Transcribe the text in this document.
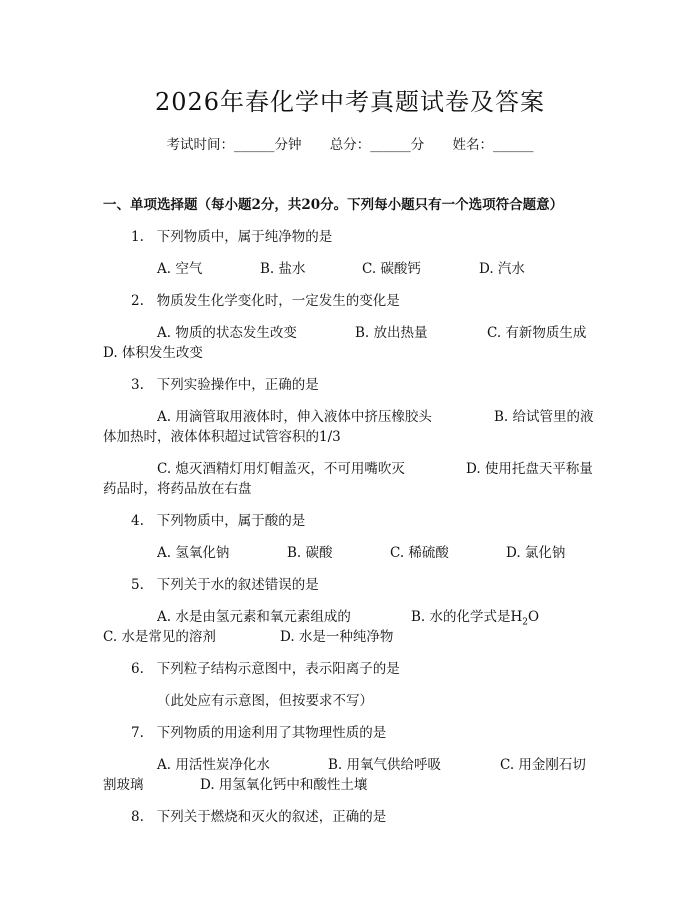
2026年春化学中考真题试卷及答案
考试时间：______分钟 总分：______分 姓名：______
一、单项选择题（每小题2分，共20分。下列每小题只有一个选项符合题意）
1.   下列物质中，属于纯净物的是
A. 空气	B. 盐水	C. 碳酸钙	D. 汽水
2.   物质发生化学变化时，一定发生的变化是
A. 物质的状态发生改变	B. 放出热量	C. 有新物质生成
D. 体积发生改变
3.   下列实验操作中，正确的是
A. 用滴管取用液体时，伸入液体中挤压橡胶头	B. 给试管里的液
体加热时，液体体积超过试管容积的1/3
C. 熄灭酒精灯用灯帽盖灭，不可用嘴吹灭	D. 使用托盘天平称量
药品时，将药品放在右盘
4.   下列物质中，属于酸的是
A. 氢氧化钠	B. 碳酸	C. 稀硫酸	D. 氯化钠
5.   下列关于水的叙述错误的是
A. 水是由氢元素和氧元素组成的	B. 水的化学式是$H_2O$
C. 水是常见的溶剂	D. 水是一种纯净物
6.   下列粒子结构示意图中，表示阳离子的是
（此处应有示意图，但按要求不写）
7.   下列物质的用途利用了其物理性质的是
A. 用活性炭净化水	B. 用氧气供给呼吸	C. 用金刚石切
割玻璃	D. 用氢氧化钙中和酸性土壤
8.   下列关于燃烧和灭火的叙述，正确的是
